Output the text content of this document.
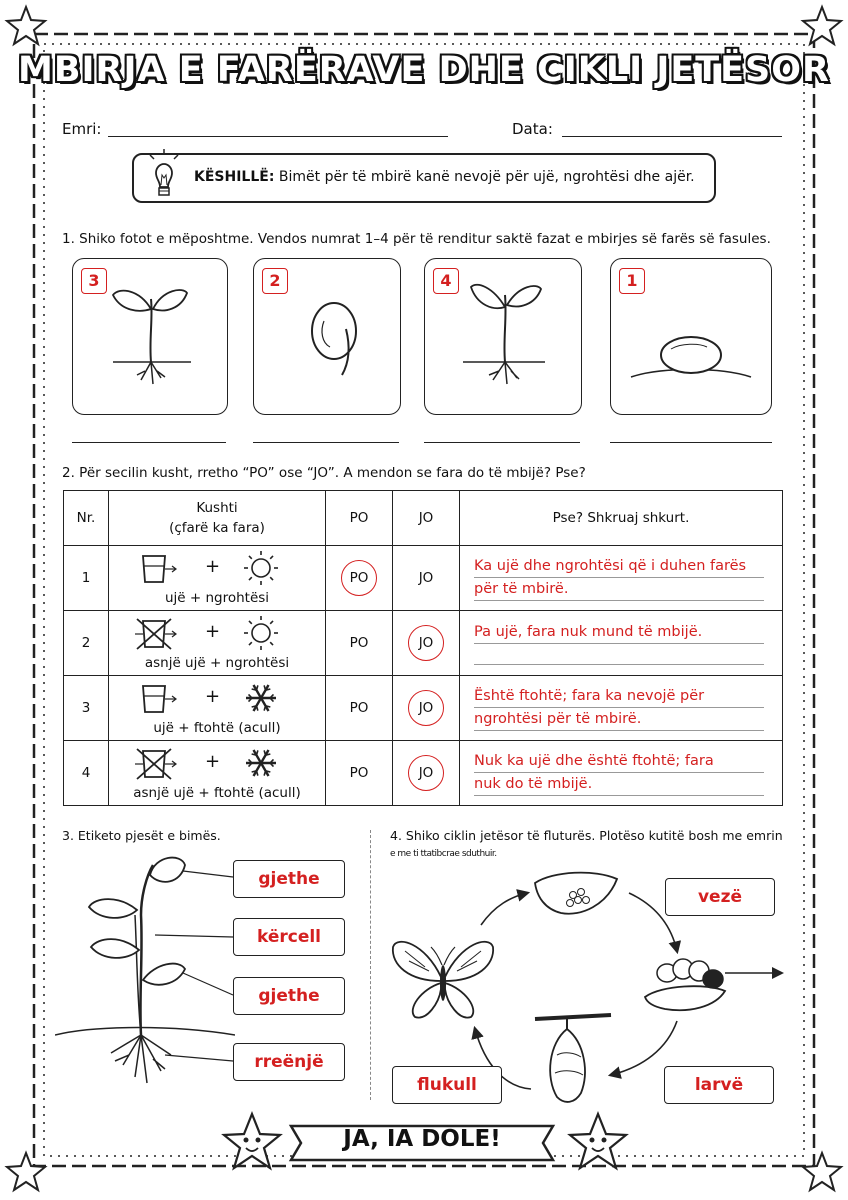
MBIRJA E FARËRAVE DHE CIKLI JETËSOR
Emri:	Data:
KËSHILLË: Bimët për të mbirë kanë nevojë për ujë, ngrohtësi dhe ajër.
1. Shiko fotot e mëposhtme. Vendos numrat 1–4 për të renditur saktë fazat e mbirjes së farës së fasules.
3	2	4	1
2. Për secilin kusht, rretho “PO” ose “JO”. A mendon se fara do të mbijë? Pse?
Nr.	Kushti
(çfarë ka fara)	PO	JO	Pse? Shkruaj shkurt.
1	+
ujë + ngrohtësi	PO	JO	Ka ujë dhe ngrohtësi që i duhen farës
për të mbirë.

2	+
asnjë ujë + ngrohtësi	PO	JO	Pa ujë, fara nuk mund të mbijë.

3	+
ujë + ftohtë (acull)	PO	JO	Është ftohtë; fara ka nevojë për
ngrohtësi për të mbirë.

4	+
asnjë ujë + ftohtë (acull)	PO	JO	Nuk ka ujë dhe është ftohtë; fara
nuk do të mbijë.
3. Etiketo pjesët e bimës.
gjethe
kërcell
gjethe
rreënjë
4. Shiko ciklin jetësor të fluturës. Plotëso kutitë bosh me emrin
e me ti ttatibcrae sduthuir.
vezë
larvë
flukull
JA, IA DOLE!
